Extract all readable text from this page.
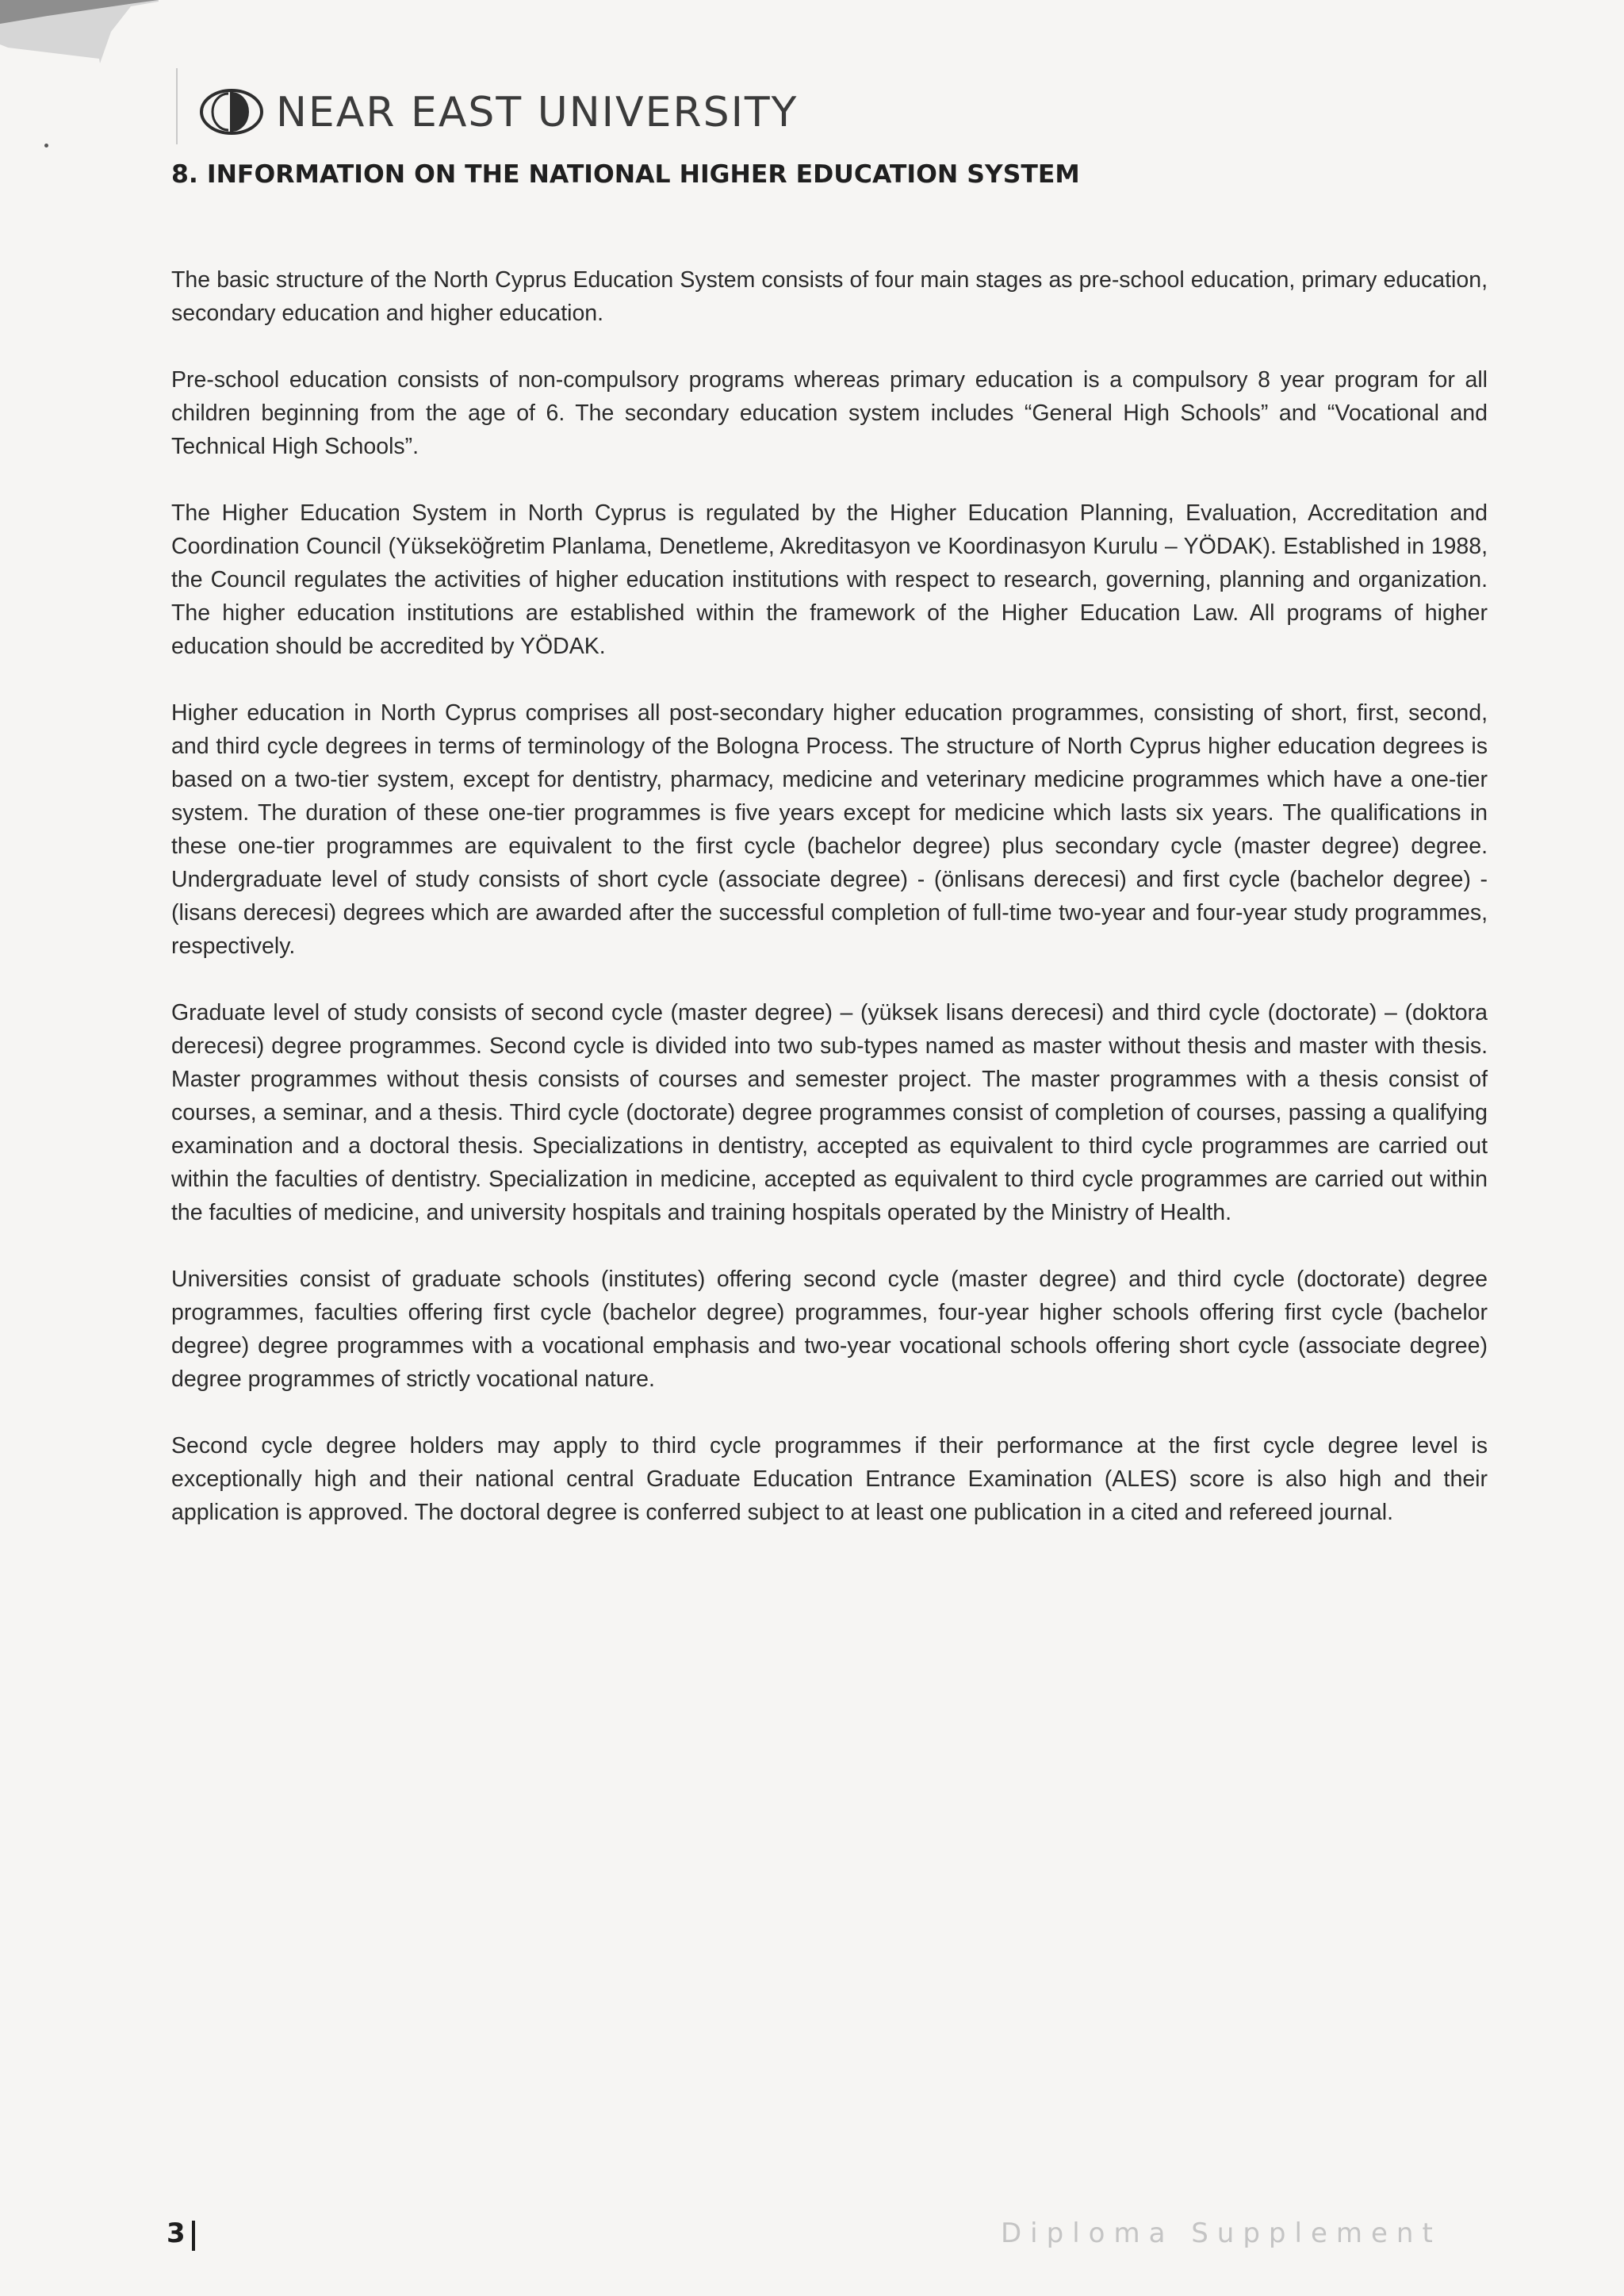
NEAR EAST UNIVERSITY
8. INFORMATION ON THE NATIONAL HIGHER EDUCATION SYSTEM

The basic structure of the North Cyprus Education System consists of four main stages as pre-school education, primary education, secondary education and higher education.

Pre-school education consists of non-compulsory programs whereas primary education is a compulsory 8 year program for all children beginning from the age of 6. The secondary education system includes “General High Schools” and “Vocational and Technical High Schools”.

The Higher Education System in North Cyprus is regulated by the Higher Education Planning, Evaluation, Accreditation and Coordination Council (Yükseköğretim Planlama, Denetleme, Akreditasyon ve Koordinasyon Kurulu – YÖDAK). Established in 1988, the Council regulates the activities of higher education institutions with respect to research, governing, planning and organization. The higher education institutions are established within the framework of the Higher Education Law. All programs of higher education should be accredited by YÖDAK.

Higher education in North Cyprus comprises all post-secondary higher education programmes, consisting of short, first, second, and third cycle degrees in terms of terminology of the Bologna Process. The structure of North Cyprus higher education degrees is based on a two-tier system, except for dentistry, pharmacy, medicine and veterinary medicine programmes which have a one-tier system. The duration of these one-tier programmes is five years except for medicine which lasts six years. The qualifications in these one-tier programmes are equivalent to the first cycle (bachelor degree) plus secondary cycle (master degree) degree. Undergraduate level of study consists of short cycle (associate degree) - (önlisans derecesi) and first cycle (bachelor degree) - (lisans derecesi) degrees which are awarded after the successful completion of full-time two-year and four-year study programmes, respectively.

Graduate level of study consists of second cycle (master degree) – (yüksek lisans derecesi) and third cycle (doctorate) – (doktora derecesi) degree programmes. Second cycle is divided into two sub-types named as master without thesis and master with thesis. Master programmes without thesis consists of courses and semester project. The master programmes with a thesis consist of courses, a seminar, and a thesis. Third cycle (doctorate) degree programmes consist of completion of courses, passing a qualifying examination and a doctoral thesis. Specializations in dentistry, accepted as equivalent to third cycle programmes are carried out within the faculties of dentistry. Specialization in medicine, accepted as equivalent to third cycle programmes are carried out within the faculties of medicine, and university hospitals and training hospitals operated by the Ministry of Health.

Universities consist of graduate schools (institutes) offering second cycle (master degree) and third cycle (doctorate) degree programmes, faculties offering first cycle (bachelor degree) programmes, four-year higher schools offering first cycle (bachelor degree) degree programmes with a vocational emphasis and two-year vocational schools offering short cycle (associate degree) degree programmes of strictly vocational nature.

Second cycle degree holders may apply to third cycle programmes if their performance at the first cycle degree level is exceptionally high and their national central Graduate Education Entrance Examination (ALES) score is also high and their application is approved. The doctoral degree is conferred subject to at least one publication in a cited and refereed journal.

3	Diploma Supplement
